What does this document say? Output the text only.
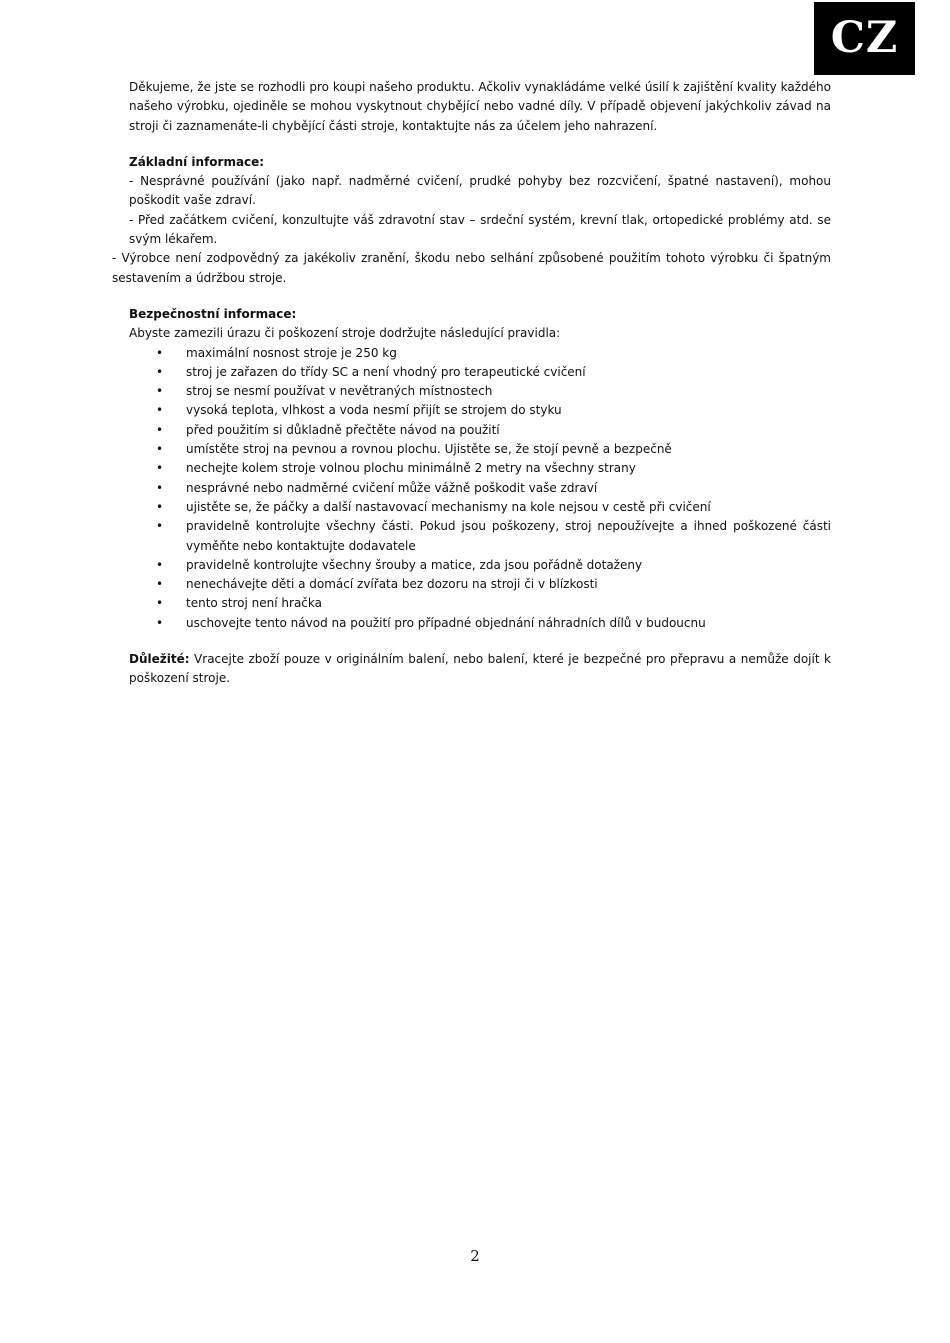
CZ

Děkujeme, že jste se rozhodli pro koupi našeho produktu. Ačkoliv vynakládáme velké úsilí k zajištění kvality každého našeho výrobku, ojediněle se mohou vyskytnout chybějící nebo vadné díly. V případě objevení jakýchkoliv závad na stroji či zaznamenáte-li chybějící části stroje, kontaktujte nás za účelem jeho nahrazení.

Základní informace:

- Nesprávné používání (jako např. nadměrné cvičení, prudké pohyby bez rozcvičení, špatné nastavení), mohou poškodit vaše zdraví.

- Před začátkem cvičení, konzultujte váš zdravotní stav – srdeční systém, krevní tlak, ortopedické problémy atd. se svým lékařem.

- Výrobce není zodpovědný za jakékoliv zranění, škodu nebo selhání způsobené použitím tohoto výrobku či špatným sestavením a údržbou stroje.

Bezpečnostní informace:

Abyste zamezili úrazu či poškození stroje dodržujte následující pravidla:

• maximální nosnost stroje je 250 kg
• stroj je zařazen do třídy SC a není vhodný pro terapeutické cvičení
• stroj se nesmí používat v nevětraných místnostech
• vysoká teplota, vlhkost a voda nesmí přijít se strojem do styku
• před použitím si důkladně přečtěte návod na použití
• umístěte stroj na pevnou a rovnou plochu. Ujistěte se, že stojí pevně a bezpečně
• nechejte kolem stroje volnou plochu minimálně 2 metry na všechny strany
• nesprávné nebo nadměrné cvičení může vážně poškodit vaše zdraví
• ujistěte se, že páčky a další nastavovací mechanismy na kole nejsou v cestě při cvičení
• pravidelně kontrolujte všechny části. Pokud jsou poškozeny, stroj nepoužívejte a ihned poškozené části vyměňte nebo kontaktujte dodavatele
• pravidelně kontrolujte všechny šrouby a matice, zda jsou pořádně dotaženy
• nenechávejte děti a domácí zvířata bez dozoru na stroji či v blízkosti
• tento stroj není hračka
• uschovejte tento návod na použití pro případné objednání náhradních dílů v budoucnu

Důležité: Vracejte zboží pouze v originálním balení, nebo balení, které je bezpečné pro přepravu a nemůže dojít k poškození stroje.

2
